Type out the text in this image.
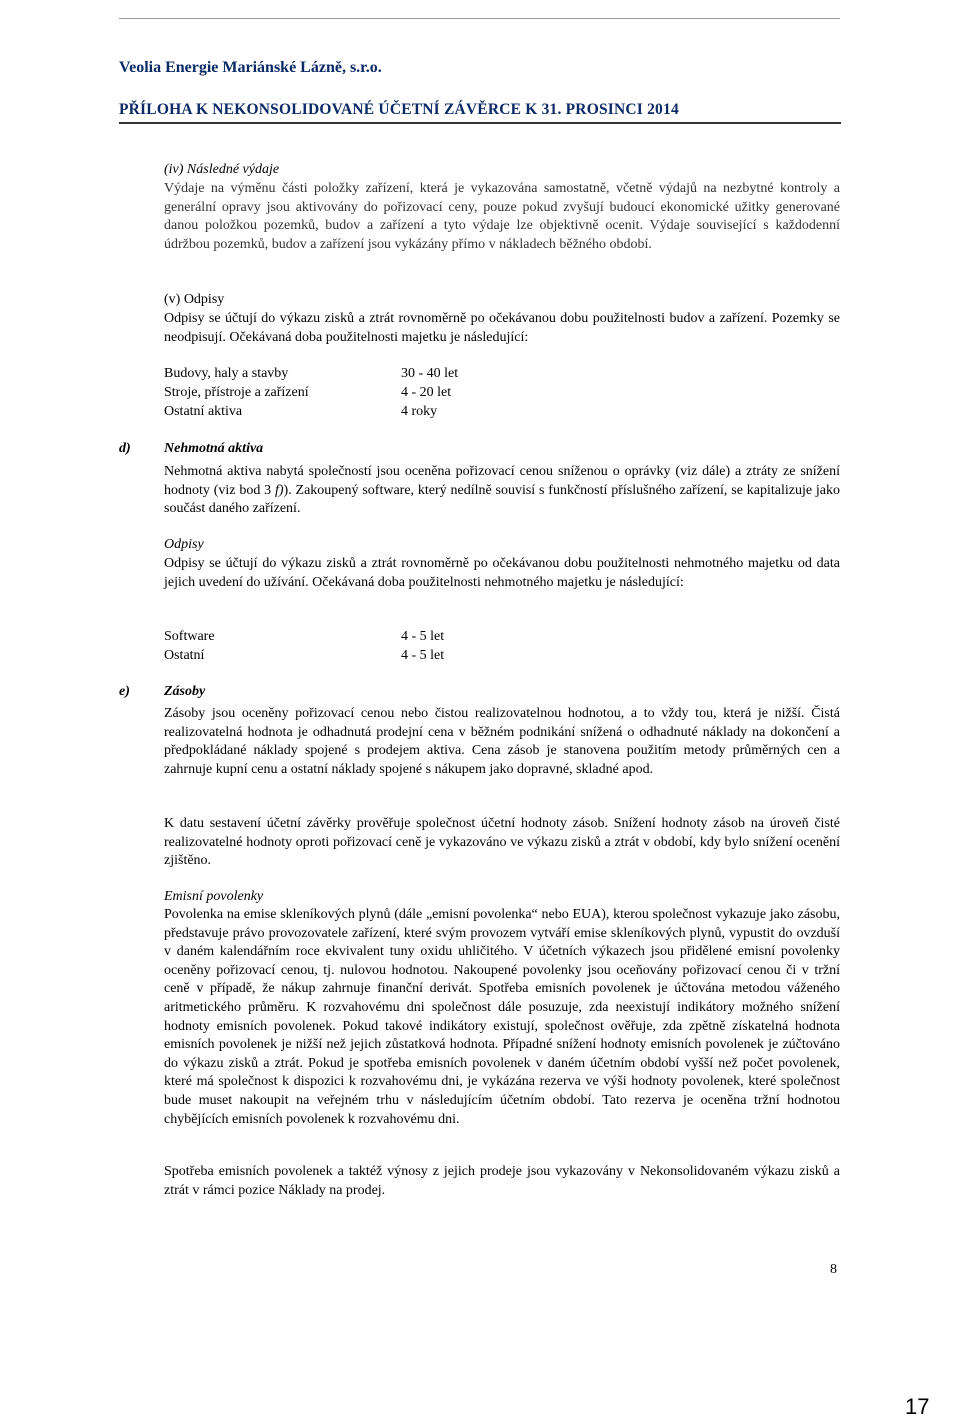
Veolia Energie Mariánské Lázně, s.r.o.
PŘÍLOHA K NEKONSOLIDOVANÉ ÚČETNÍ ZÁVĚRCE K 31. PROSINCI 2014
(iv) Následné výdaje
Výdaje na výměnu části položky zařízení, která je vykazována samostatně, včetně výdajů na nezbytné kontroly a generální opravy jsou aktivovány do pořizovací ceny, pouze pokud zvyšují budoucí ekonomické užitky generované danou položkou pozemků, budov a zařízení a tyto výdaje lze objektivně ocenit. Výdaje související s každodenní údržbou pozemků, budov a zařízení jsou vykázány přímo v nákladech běžného období.
(v) Odpisy
Odpisy se účtují do výkazu zisků a ztrát rovnoměrně po očekávanou dobu použitelnosti budov a zařízení. Pozemky se neodpisují. Očekávaná doba použitelnosti majetku je následující:
Budovy, haly a stavby	30 - 40 let
Stroje, přístroje a zařízení	4 - 20 let
Ostatní aktiva	4 roky
d) Nehmotná aktiva
Nehmotná aktiva nabytá společností jsou oceněna pořizovací cenou sníženou o oprávky (viz dále) a ztráty ze snížení hodnoty (viz bod 3 f)). Zakoupený software, který nedílně souvisí s funkčností příslušného zařízení, se kapitalizuje jako součást daného zařízení.
Odpisy
Odpisy se účtují do výkazu zisků a ztrát rovnoměrně po očekávanou dobu použitelnosti nehmotného majetku od data jejich uvedení do užívání. Očekávaná doba použitelnosti nehmotného majetku je následující:
Software	4 - 5 let
Ostatní	4 - 5 let
e) Zásoby
Zásoby jsou oceněny pořizovací cenou nebo čistou realizovatelnou hodnotou, a to vždy tou, která je nižší. Čistá realizovatelná hodnota je odhadnutá prodejní cena v běžném podnikání snížená o odhadnuté náklady na dokončení a předpokládané náklady spojené s prodejem aktiva. Cena zásob je stanovena použitím metody průměrných cen a zahrnuje kupní cenu a ostatní náklady spojené s nákupem jako dopravné, skladné apod.
K datu sestavení účetní závěrky prověřuje společnost účetní hodnoty zásob. Snížení hodnoty zásob na úroveň čisté realizovatelné hodnoty oproti pořizovací ceně je vykazováno ve výkazu zisků a ztrát v období, kdy bylo snížení ocenění zjištěno.
Emisní povolenky
Povolenka na emise skleníkových plynů (dále „emisní povolenka“ nebo EUA), kterou společnost vykazuje jako zásobu, představuje právo provozovatele zařízení, které svým provozem vytváří emise skleníkových plynů, vypustit do ovzduší v daném kalendářním roce ekvivalent tuny oxidu uhličitého. V účetních výkazech jsou přidělené emisní povolenky oceněny pořizovací cenou, tj. nulovou hodnotou. Nakoupené povolenky jsou oceňovány pořizovací cenou či v tržní ceně v případě, že nákup zahrnuje finanční derivát. Spotřeba emisních povolenek je účtována metodou váženého aritmetického průměru. K rozvahovému dni společnost dále posuzuje, zda neexistují indikátory možného snížení hodnoty emisních povolenek. Pokud takové indikátory existují, společnost ověřuje, zda zpětně získatelná hodnota emisních povolenek je nižší než jejich zůstatková hodnota. Případné snížení hodnoty emisních povolenek je zúčtováno do výkazu zisků a ztrát. Pokud je spotřeba emisních povolenek v daném účetním období vyšší než počet povolenek, které má společnost k dispozici k rozvahovému dni, je vykázána rezerva ve výši hodnoty povolenek, které společnost bude muset nakoupit na veřejném trhu v následujícím účetním období. Tato rezerva je oceněna tržní hodnotou chybějících emisních povolenek k rozvahovému dni.
Spotřeba emisních povolenek a taktéž výnosy z jejich prodeje jsou vykazovány v Nekonsolidovaném výkazu zisků a ztrát v rámci pozice Náklady na prodej.
8
17
